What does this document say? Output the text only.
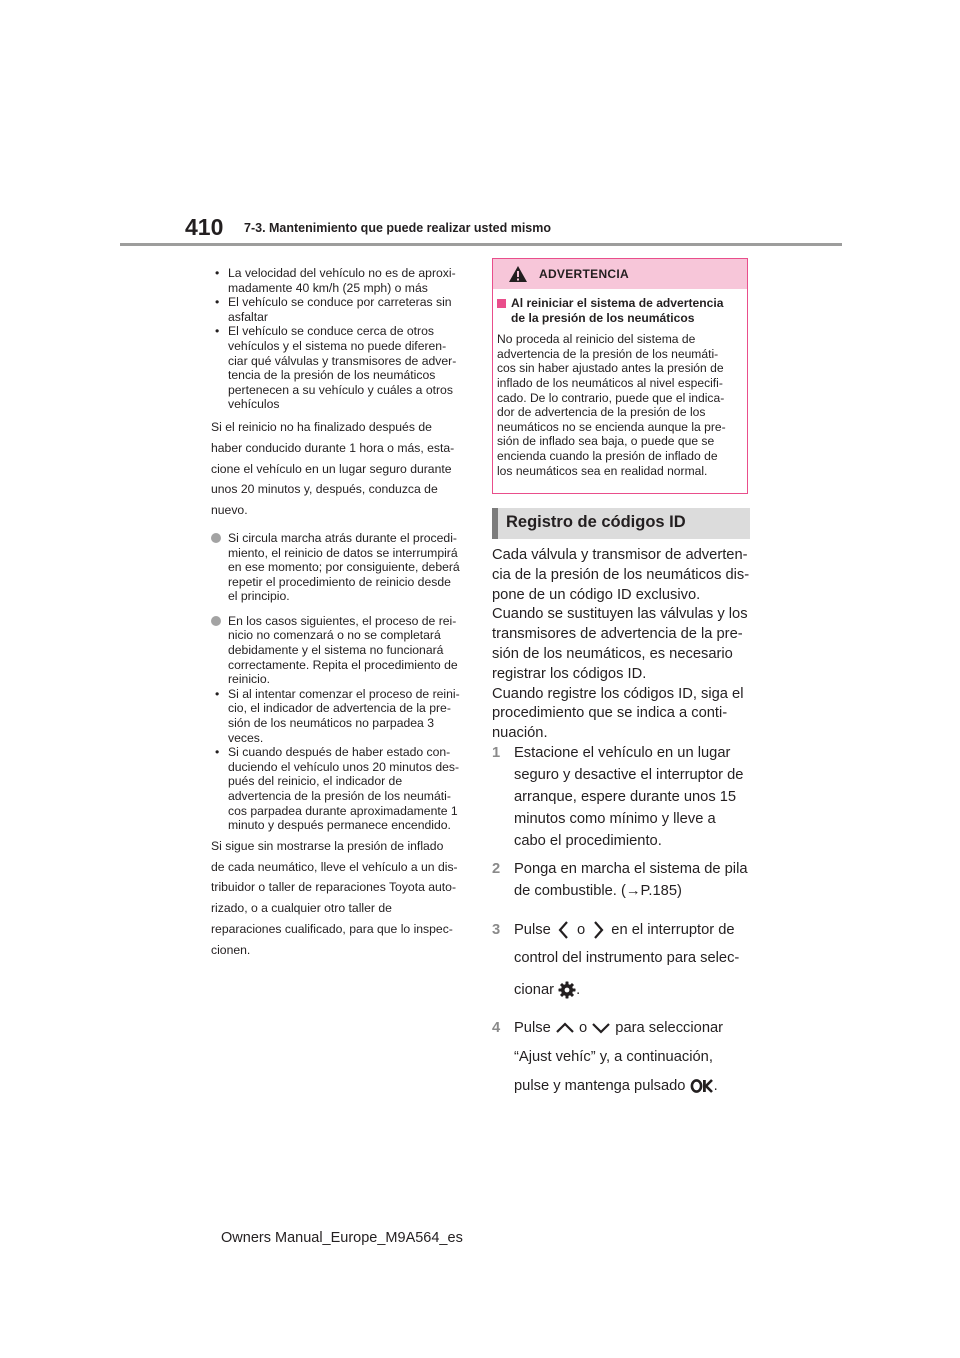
410 7-3. Mantenimiento que puede realizar usted mismo
• La velocidad del vehículo no es de aproxi-
madamente 40 km/h (25 mph) o más
• El vehículo se conduce por carreteras sin
asfaltar
• El vehículo se conduce cerca de otros
vehículos y el sistema no puede diferen-
ciar qué válvulas y transmisores de adver-
tencia de la presión de los neumáticos
pertenecen a su vehículo y cuáles a otros
vehículos
Si el reinicio no ha finalizado después de
haber conducido durante 1 hora o más, esta-
cione el vehículo en un lugar seguro durante
unos 20 minutos y, después, conduzca de
nuevo.
Si circula marcha atrás durante el procedi-
miento, el reinicio de datos se interrumpirá
en ese momento; por consiguiente, deberá
repetir el procedimiento de reinicio desde
el principio.
En los casos siguientes, el proceso de rei-
nicio no comenzará o no se completará
debidamente y el sistema no funcionará
correctamente. Repita el procedimiento de
reinicio.
• Si al intentar comenzar el proceso de reini-
cio, el indicador de advertencia de la pre-
sión de los neumáticos no parpadea 3
veces.
• Si cuando después de haber estado con-
duciendo el vehículo unos 20 minutos des-
pués del reinicio, el indicador de
advertencia de la presión de los neumáti-
cos parpadea durante aproximadamente 1
minuto y después permanece encendido.
Si sigue sin mostrarse la presión de inflado
de cada neumático, lleve el vehículo a un dis-
tribuidor o taller de reparaciones Toyota auto-
rizado, o a cualquier otro taller de
reparaciones cualificado, para que lo inspec-
cionen.
ADVERTENCIA
Al reiniciar el sistema de advertencia
de la presión de los neumáticos
No proceda al reinicio del sistema de
advertencia de la presión de los neumáti-
cos sin haber ajustado antes la presión de
inflado de los neumáticos al nivel especifi-
cado. De lo contrario, puede que el indica-
dor de advertencia de la presión de los
neumáticos no se encienda aunque la pre-
sión de inflado sea baja, o puede que se
encienda cuando la presión de inflado de
los neumáticos sea en realidad normal.
Registro de códigos ID
Cada válvula y transmisor de adverten-
cia de la presión de los neumáticos dis-
pone de un código ID exclusivo.
Cuando se sustituyen las válvulas y los
transmisores de advertencia de la pre-
sión de los neumáticos, es necesario
registrar los códigos ID.
Cuando registre los códigos ID, siga el
procedimiento que se indica a conti-
nuación.
1 Estacione el vehículo en un lugar
seguro y desactive el interruptor de
arranque, espere durante unos 15
minutos como mínimo y lleve a
cabo el procedimiento.
2 Ponga en marcha el sistema de pila
de combustible. (→P.185)
3 Pulse o en el interruptor de
control del instrumento para selec-
cionar .
4 Pulse o para seleccionar
“Ajust vehíc” y, a continuación,
pulse y mantenga pulsado .
Owners Manual_Europe_M9A564_es
